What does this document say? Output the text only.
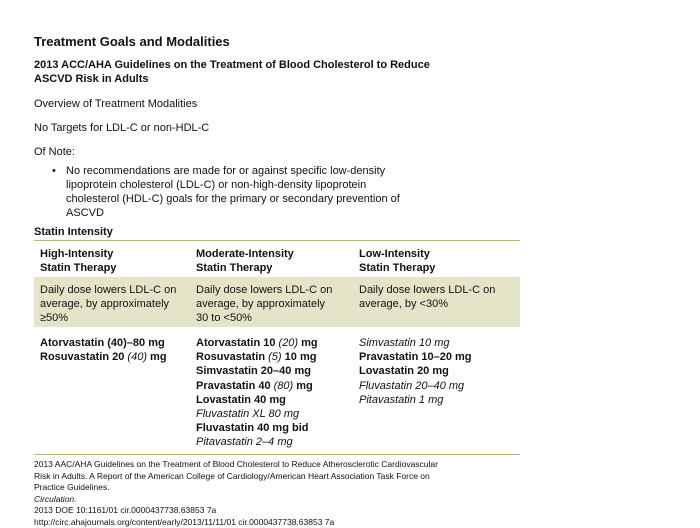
Treatment Goals and Modalities
2013 ACC/AHA Guidelines on the Treatment of Blood Cholesterol to Reduce ASCVD Risk in Adults
Overview of Treatment Modalities
No Targets for LDL-C or non-HDL-C
Of Note:
• No recommendations are made for or against specific low-density lipoprotein cholesterol (LDL-C) or non-high-density lipoprotein cholesterol (HDL-C) goals for the primary or secondary prevention of ASCVD
Statin Intensity
High-Intensity
Statin Therapy
Moderate-Intensity
Statin Therapy
Low-Intensity
Statin Therapy
Daily dose lowers LDL-C on
average, by approximately
≥50%
Daily dose lowers LDL-C on
average, by approximately
30 to <50%
Daily dose lowers LDL-C on
average, by <30%
Atorvastatin (40)–80 mg
Rosuvastatin 20 (40) mg
Atorvastatin 10 (20) mg
Rosuvastatin (5) 10 mg
Simvastatin 20–40 mg
Pravastatin 40 (80) mg
Lovastatin 40 mg
Fluvastatin XL 80 mg
Fluvastatin 40 mg bid
Pitavastatin 2–4 mg
Simvastatin 10 mg
Pravastatin 10–20 mg
Lovastatin 20 mg
Fluvastatin 20–40 mg
Pitavastatin 1 mg
2013 AAC/AHA Guidelines on the Treatment of Blood Cholesterol to Reduce Atherosclerotic Cardiovascular
Risk in Adults. A Report of the American College of Cardiology/American Heart Association Task Force on
Practice Guidelines.
Circulation.
2013 DOE 10:1161/01 cir.0000437738.63853 7a
http://circ.ahajournals.org/content/early/2013/11/11/01 cir.0000437738.63853 7a
